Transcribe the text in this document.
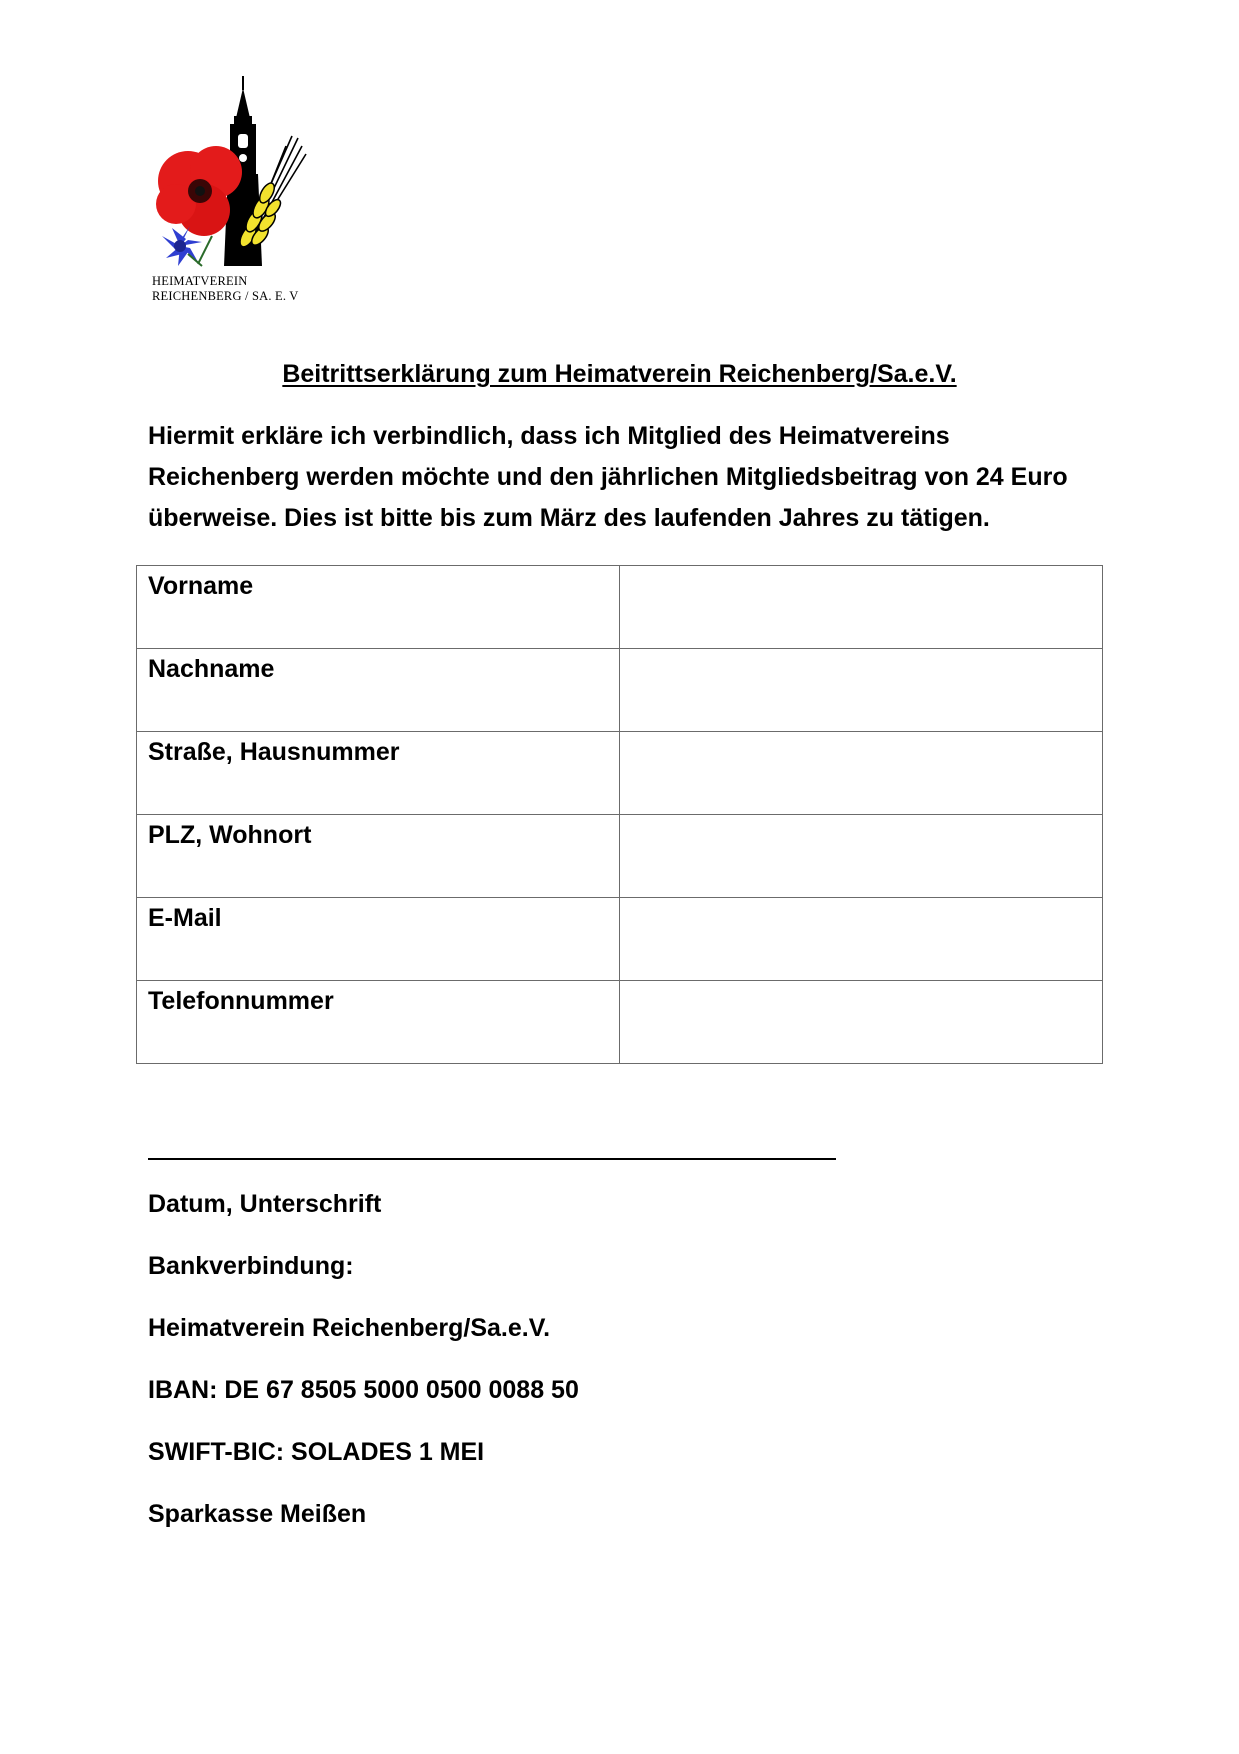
HEIMATVEREIN
REICHENBERG / SA. E. V
Beitrittserklärung zum Heimatverein Reichenberg/Sa.e.V.
Hiermit erkläre ich verbindlich, dass ich Mitglied des Heimatvereins
Reichenberg werden möchte und den jährlichen Mitgliedsbeitrag von 24 Euro
überweise. Dies ist bitte bis zum März des laufenden Jahres zu tätigen.
Vorname	
Nachname	
Straße, Hausnummer	
PLZ, Wohnort	
E-Mail	
Telefonnummer	
Datum, Unterschrift
Bankverbindung:
Heimatverein Reichenberg/Sa.e.V.
IBAN: DE 67 8505 5000 0500 0088 50
SWIFT-BIC: SOLADES 1 MEI
Sparkasse Meißen
